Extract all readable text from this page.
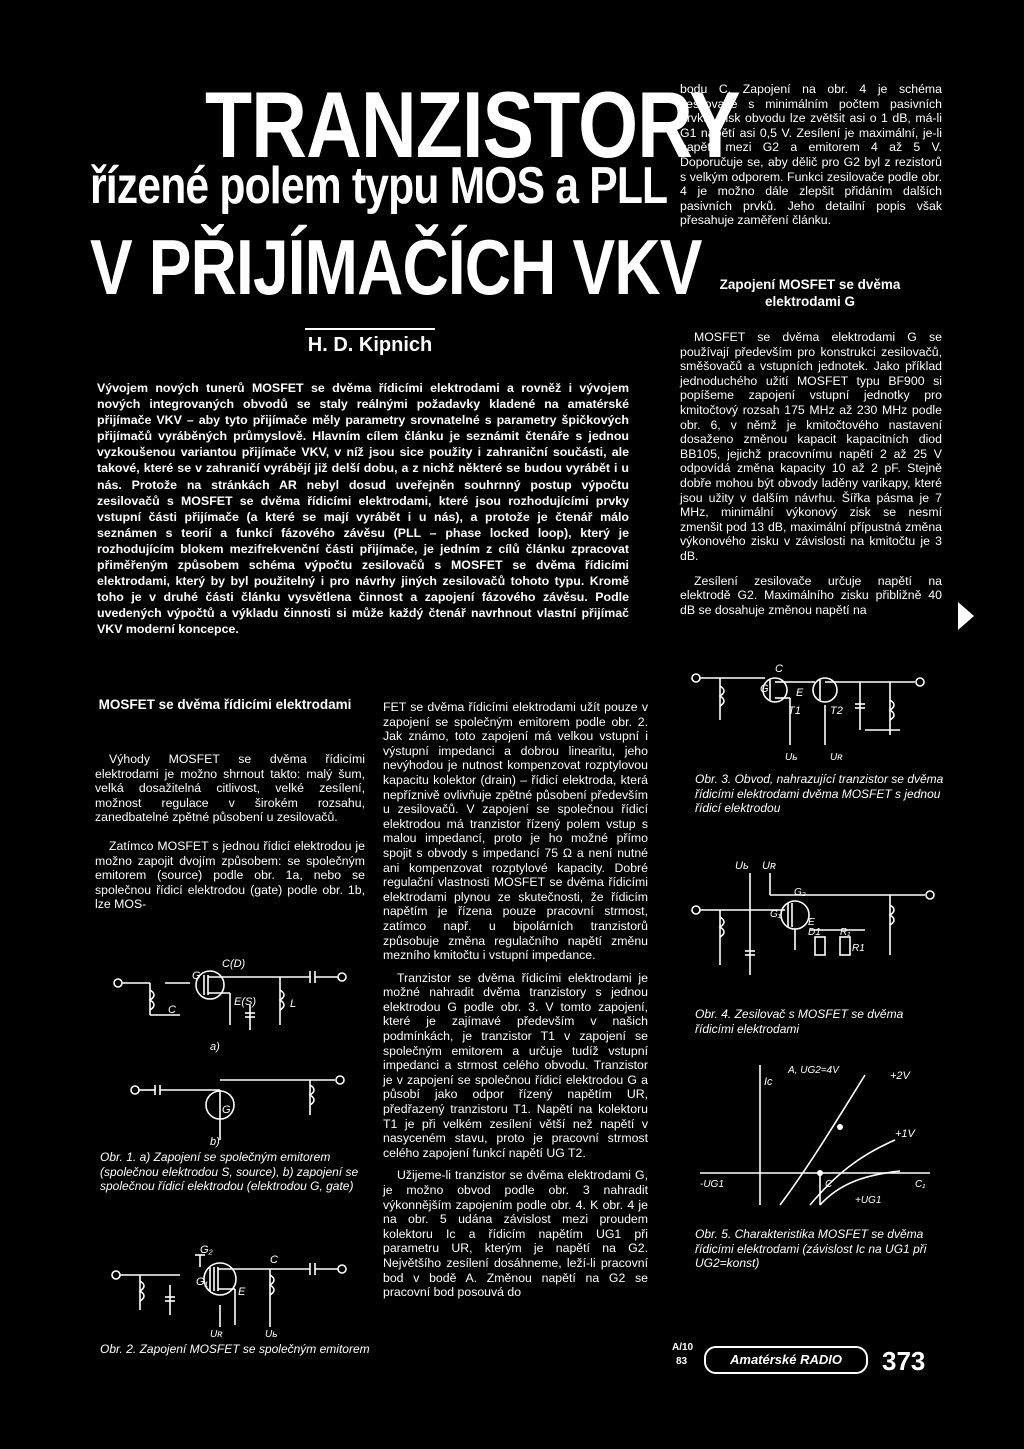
TRANZISTORY
řízené polem typu MOS a PLL
V PŘIJÍMAČÍCH VKV
H. D. Kipnich
Vývojem nových tunerů MOSFET se dvěma řídicími elektrodami a rovněž i vývojem nových integrovaných obvodů se staly reálnými požadavky kladené na amatérské přijímače VKV – aby tyto přijímače měly parametry srovnatelné s parametry špičkových přijímačů vyráběných průmyslově. Hlavním cílem článku je seznámit čtenáře s jednou vyzkoušenou variantou přijímače VKV, v níž jsou sice použity i zahraniční součásti, ale takové, které se v zahraničí vyrábějí již delší dobu, a z nichž některé se budou vyrábět i u nás. Protože na stránkách AR nebyl dosud uveřejněn souhrnný postup výpočtu zesilovačů s MOSFET se dvěma řídicími elektrodami, které jsou rozhodujícími prvky vstupní části přijímače (a které se mají vyrábět i u nás), a protože je čtenář málo seznámen s teorií a funkcí fázového závěsu (PLL – phase locked loop), který je rozhodujícím blokem mezifrekvenční části přijímače, je jedním z cílů článku zpracovat přiměřeným způsobem schéma výpočtu zesilovačů s MOSFET se dvěma řídicími elektrodami, který by byl použitelný i pro návrhy jiných zesilovačů tohoto typu. Kromě toho je v druhé části článku vysvětlena činnost a zapojení fázového závěsu. Podle uvedených výpočtů a výkladu činnosti si může každý čtenář navrhnout vlastní přijímač VKV moderní koncepce.
MOSFET se dvěma řídicími elektrodami

Výhody MOSFET se dvěma řídicími elektrodami je možno shrnout takto: malý šum, velká dosažitelná citlivost, velké zesílení, možnost regulace v širokém rozsahu, zanedbatelné zpětné působení u zesilovačů.

Zatímco MOSFET s jednou řídicí elektrodou je možno zapojit dvojím způsobem: se společným emitorem (source) podle obr. 1a, nebo se společnou řídicí elektrodou (gate) podle obr. 1b, lze MOS-

C(D)
G
E(S)
C	L
a)
G
b)
Obr. 1. a) Zapojení se společným emitorem (společnou elektrodou S, source), b) zapojení se společnou řídicí elektrodou (elektrodou G, gate)
G₂
C
G₁
E
Uʀ	Uь
Obr. 2. Zapojení MOSFET se společným emitorem

FET se dvěma řídicími elektrodami užít pouze v zapojení se společným emitorem podle obr. 2. Jak známo, toto zapojení má velkou vstupní i výstupní impedanci a dobrou linearitu, jeho nevýhodou je nutnost kompenzovat rozptylovou kapacitu kolektor (drain) – řídicí elektroda, která nepříznivě ovlivňuje zpětné působení především u zesilovačů. V zapojení se společnou řídicí elektrodou má tranzistor řízený polem vstup s malou impedancí, proto je ho možné přímo spojit s obvody s impedancí 75 Ω a není nutné ani kompenzovat rozptylové kapacity. Dobré regulační vlastnosti MOSFET se dvěma řídicími elektrodami plynou ze skutečnosti, že řídicím napětím je řízena pouze pracovní strmost, zatímco např. u bipolárních tranzistorů způsobuje změna regulačního napětí změnu mezního kmitočtu i vstupní impedance.

Tranzistor se dvěma řídicími elektrodami je možné nahradit dvěma tranzistory s jednou elektrodou G podle obr. 3. V tomto zapojení, které je zajímavé především v našich podmínkách, je tranzistor T1 v zapojení se společným emitorem a určuje tudíž vstupní impedanci a strmost celého obvodu. Tranzistor je v zapojení se společnou řídicí elektrodou G a působí jako odpor řízený napětím UR, předřazený tranzistoru T1. Napětí na kolektoru T1 je při velkém zesílení větší než napětí v nasyceném stavu, proto je pracovní strmost celého zapojení funkcí napětí UG T2.

Užijeme-li tranzistor se dvěma elektrodami G, je možno obvod podle obr. 3 nahradit výkonnějším zapojením podle obr. 4. K obr. 4 je na obr. 5 udána závislost mezi proudem kolektoru Ic a řídicím napětím UG1 při parametru UR, kterým je napětí na G2. Největšího zesílení dosáhneme, leží-li pracovní bod v bodě A. Změnou napětí na G2 se pracovní bod posouvá do

bodu C. Zapojení na obr. 4 je schéma zesilovače s minimálním počtem pasivních prvků. Zisk obvodu lze zvětšit asi o 1 dB, má-li G1 napětí asi 0,5 V. Zesílení je maximální, je-li napětí mezi G2 a emitorem 4 až 5 V. Doporučuje se, aby dělič pro G2 byl z rezistorů s velkým odporem. Funkci zesilovače podle obr. 4 je možno dále zlepšit přidáním dalších pasivních prvků. Jeho detailní popis však přesahuje zaměření článku.

Zapojení MOSFET se dvěma elektrodami G

MOSFET se dvěma elektrodami G se používají především pro konstrukci zesilovačů, směšovačů a vstupních jednotek. Jako příklad jednoduchého užití MOSFET typu BF900 si popíšeme zapojení vstupní jednotky pro kmitočtový rozsah 175 MHz až 230 MHz podle obr. 6, v němž je kmitočtového nastavení dosaženo změnou kapacit kapacitních diod BB105, jejichž pracovnímu napětí 2 až 25 V odpovídá změna kapacity 10 až 2 pF. Stejně dobře mohou být obvody laděny varikapy, které jsou užity v dalším návrhu. Šířka pásma je 7 MHz, minimální výkonový zisk se nesmí zmenšit pod 13 dB, maximální přípustná změna výkonového zisku v závislosti na kmitočtu je 3 dB.

Zesílení zesilovače určuje napětí na elektrodě G2. Maximálního zisku přibližně 40 dB se dosahuje změnou napětí na

C
G
T1	T2
E
Uь	Uʀ
Obr. 3. Obvod, nahrazující tranzistor se dvěma řídicími elektrodami dvěma MOSFET s jednou řídicí elektrodou
Uь Uʀ
G₂
G₁
E
D1 R₁
R1
Obr. 4. Zesilovač s MOSFET se dvěma řídicími elektrodami
A, UG2=4V	+2V
+1V
Iᴄ
-UG1	C	C₁
+UG1
Obr. 5. Charakteristika MOSFET se dvěma řídicími elektrodami (závislost Ic na UG1 při UG2=konst)
A/10
83	Amatérské RADIO	373
